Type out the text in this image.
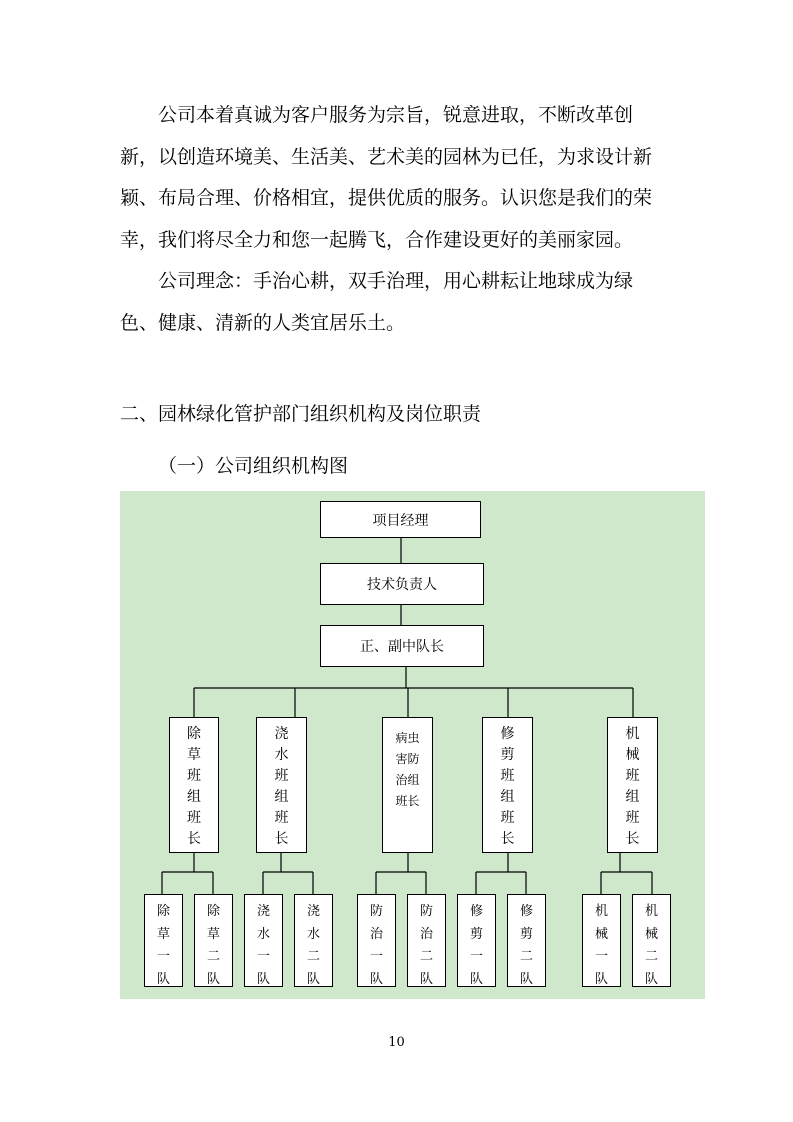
公司本着真诚为客户服务为宗旨，锐意进取，不断改革创新，以创造环境美、生活美、艺术美的园林为已任，为求设计新颖、布局合理、价格相宜，提供优质的服务。认识您是我们的荣幸，我们将尽全力和您一起腾飞，合作建设更好的美丽家园。

公司理念：手治心耕，双手治理，用心耕耘让地球成为绿色、健康、清新的人类宜居乐土。

二、园林绿化管护部门组织机构及岗位职责
（一）公司组织机构图
项目经理
技术负责人
正、副中队长
除草班组班长
浇水班组班长
病虫害防治组班长
修剪班组班长
机械班组班长
除草一队
除草二队
浇水一队
浇水二队
防治一队
防治二队
修剪一队
修剪二队
机械一队
机械二队
10
